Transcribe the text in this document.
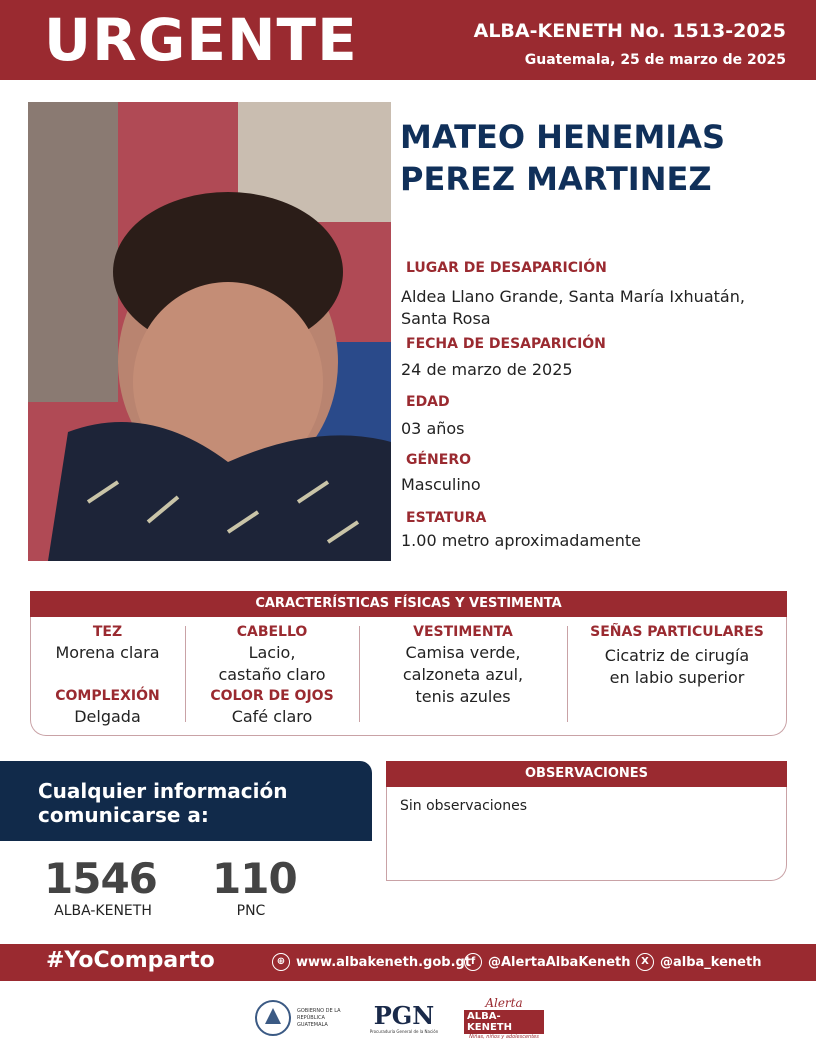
URGENTE	ALBA-KENETH No. 1513-2025
Guatemala, 25 de marzo de 2025
MATEO HENEMIAS
PEREZ MARTINEZ
LUGAR DE DESAPARICIÓN
Aldea Llano Grande, Santa María Ixhuatán,
Santa Rosa
FECHA DE DESAPARICIÓN
24 de marzo de 2025
EDAD
03 años
GÉNERO
Masculino
ESTATURA
1.00 metro aproximadamente
CARACTERÍSTICAS FÍSICAS Y VESTIMENTA
TEZ
Morena clara
COMPLEXIÓN
Delgada
CABELLO
Lacio,
castaño claro
COLOR DE OJOS
Café claro
VESTIMENTA
Camisa verde,
calzoneta azul,
tenis azules
SEÑAS PARTICULARES
Cicatriz de cirugía
en labio superior
Cualquier información
comunicarse a:
1546
ALBA-KENETH
110
PNC
OBSERVACIONES
Sin observaciones
#YoComparto	⊕ www.albakeneth.gob.gt f @AlertaAlbaKeneth	X @alba_keneth
GOBIERNO DE LA REPÚBLICA GUATEMALA	PGN
Procuraduría General de la Nación
Alerta
ALBA-KENETH
Niñas, niños y adolescentes
